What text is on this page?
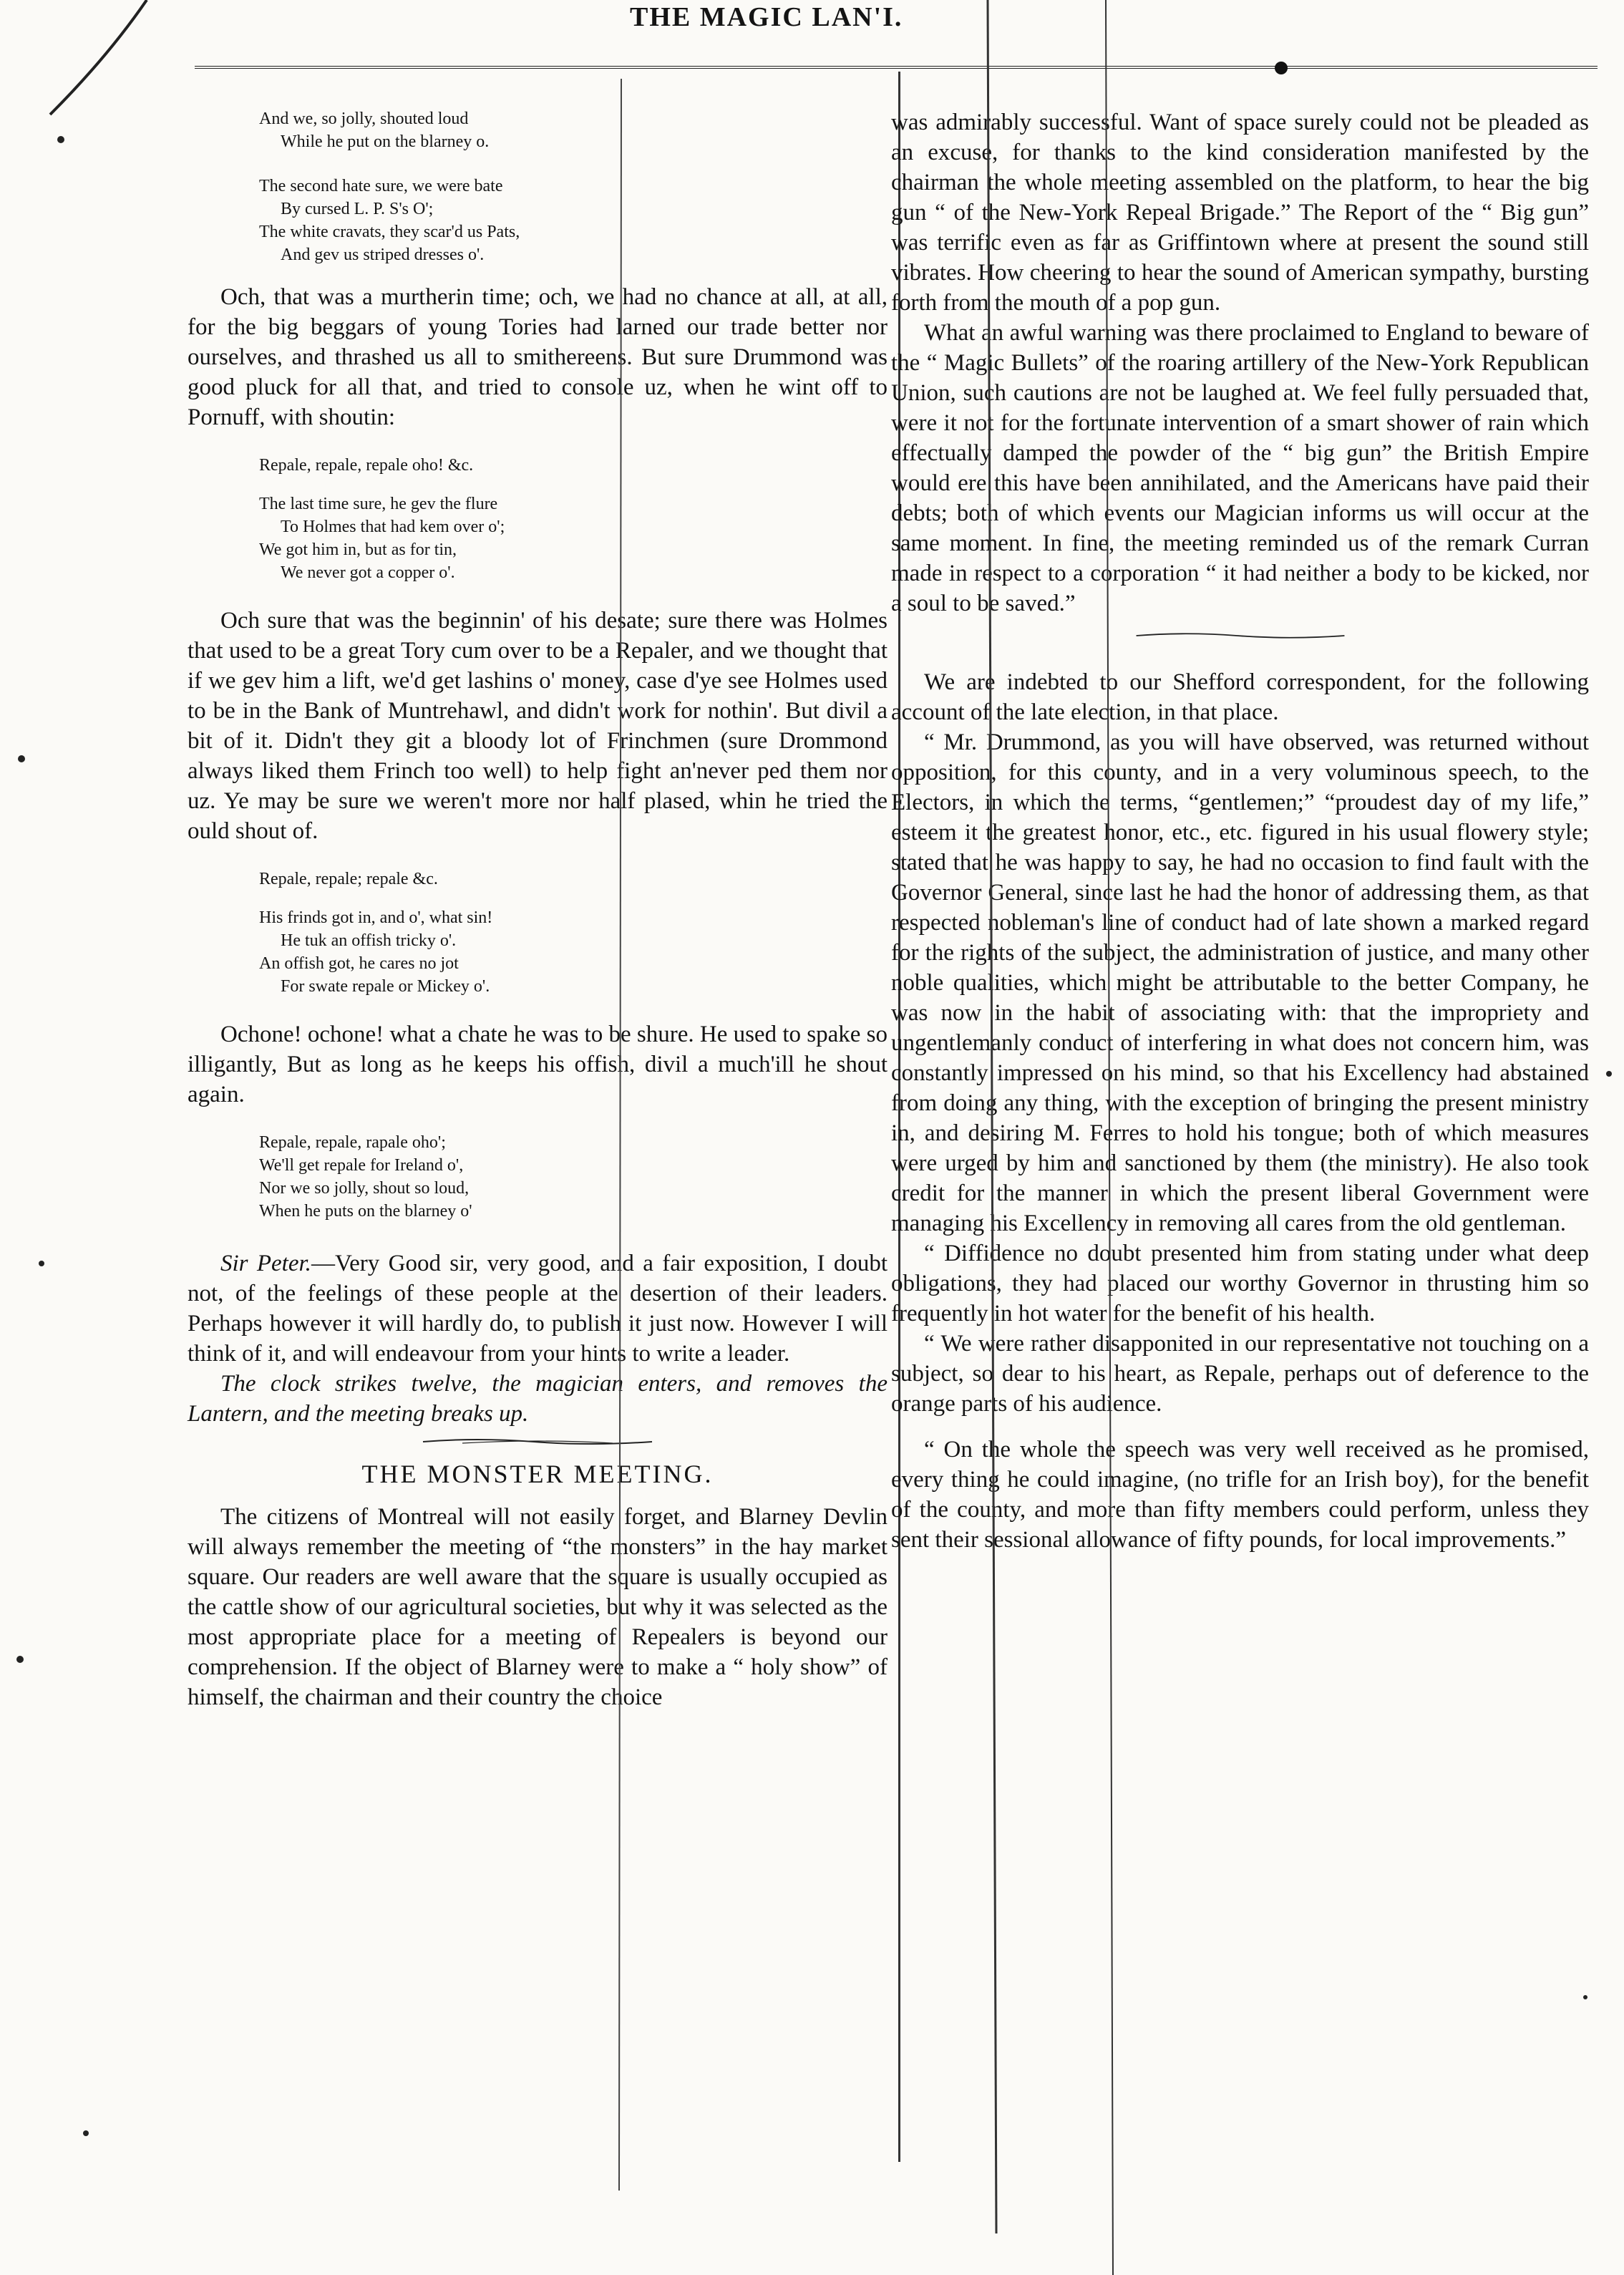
THE MAGIC LAN'I.
And we, so jolly, shouted loud
While he put on the blarney o.
The second hate sure, we were bate
By cursed L. P. S's O';
The white cravats, they scar'd us Pats,
And gev us striped dresses o'.

Och, that was a murtherin time; och, we had no chance at all, at all, for the big beggars of young Tories had larned our trade better nor ourselves, and thrashed us all to smithereens. But sure Drummond was good pluck for all that, and tried to console uz, when he wint off to Pornuff, with shoutin:

Repale, repale, repale oho! &c.
The last time sure, he gev the flure
To Holmes that had kem over o';
We got him in, but as for tin,
We never got a copper o'.

Och sure that was the beginnin' of his desate; sure there was Holmes that used to be a great Tory cum over to be a Repaler, and we thought that if we gev him a lift, we'd get lashins o' money, case d'ye see Holmes used to be in the Bank of Muntrehawl, and didn't work for nothin'. But divil a bit of it. Didn't they git a bloody lot of Frinchmen (sure Drommond always liked them Frinch too well) to help fight an'never ped them nor uz. Ye may be sure we weren't more nor half plased, whin he tried the ould shout of.

Repale, repale; repale &c.
His frinds got in, and o', what sin!
He tuk an offish tricky o'.
An offish got, he cares no jot
For swate repale or Mickey o'.

Ochone! ochone! what a chate he was to be shure. He used to spake so illigantly, But as long as he keeps his offish, divil a much'ill he shout again.

Repale, repale, rapale oho';
We'll get repale for Ireland o',
Nor we so jolly, shout so loud,
When he puts on the blarney o'

Sir Peter.—Very Good sir, very good, and a fair exposition, I doubt not, of the feelings of these people at the desertion of their leaders. Perhaps however it will hardly do, to publish it just now. However I will think of it, and will endeavour from your hints to write a leader.

The clock strikes twelve, the magician enters, and removes the Lantern, and the meeting breaks up.

THE MONSTER MEETING.

The citizens of Montreal will not easily forget, and Blarney Devlin will always remember the meeting of “the monsters” in the hay market square. Our readers are well aware that the square is usually occupied as the cattle show of our agricultural societies, but why it was selected as the most appropriate place for a meeting of Repealers is beyond our comprehension. If the object of Blarney were to make a “ holy show” of himself, the chairman and their country the choice

was admirably successful. Want of space surely could not be pleaded as an excuse, for thanks to the kind consideration manifested by the chairman the whole meeting assembled on the platform, to hear the big gun “ of the New-York Repeal Brigade.” The Report of the “ Big gun” was terrific even as far as Griffintown where at present the sound still vibrates. How cheering to hear the sound of American sympathy, bursting forth from the mouth of a pop gun.

What an awful warning was there proclaimed to England to beware of the “ Magic Bullets” of the roaring artillery of the New-York Republican Union, such cautions are not be laughed at. We feel fully persuaded that, were it not for the fortunate intervention of a smart shower of rain which effectually damped the powder of the “ big gun” the British Empire would ere this have been annihilated, and the Americans have paid their debts; both of which events our Magician informs us will occur at the same moment. In fine, the meeting reminded us of the remark Curran made in respect to a corporation “ it had neither a body to be kicked, nor a soul to be saved.”

We are indebted to our Shefford correspondent, for the following account of the late election, in that place.

“ Mr. Drummond, as you will have observed, was returned without opposition, for this county, and in a very voluminous speech, to the Electors, in which the terms, “gentlemen;” “proudest day of my life,” esteem it the greatest honor, etc., etc. figured in his usual flowery style; stated that he was happy to say, he had no occasion to find fault with the Governor General, since last he had the honor of addressing them, as that respected nobleman's line of conduct had of late shown a marked regard for the rights of the subject, the administration of justice, and many other noble qualities, which might be attributable to the better Company, he was now in the habit of associating with: that the impropriety and ungentlemanly conduct of interfering in what does not concern him, was constantly impressed on his mind, so that his Excellency had abstained from doing any thing, with the exception of bringing the present ministry in, and desiring M. Ferres to hold his tongue; both of which measures were urged by him and sanctioned by them (the ministry). He also took credit for the manner in which the present liberal Government were managing his Excellency in removing all cares from the old gentleman.

“ Diffidence no doubt presented him from stating under what deep obligations, they had placed our worthy Governor in thrusting him so frequently in hot water for the benefit of his health.

“ We were rather disapponited in our representative not touching on a subject, so dear to his heart, as Repale, perhaps out of deference to the orange parts of his audience.

“ On the whole the speech was very well received as he promised, every thing he could imagine, (no trifle for an Irish boy), for the benefit of the county, and more than fifty members could perform, unless they sent their sessional allowance of fifty pounds, for local improvements.”
